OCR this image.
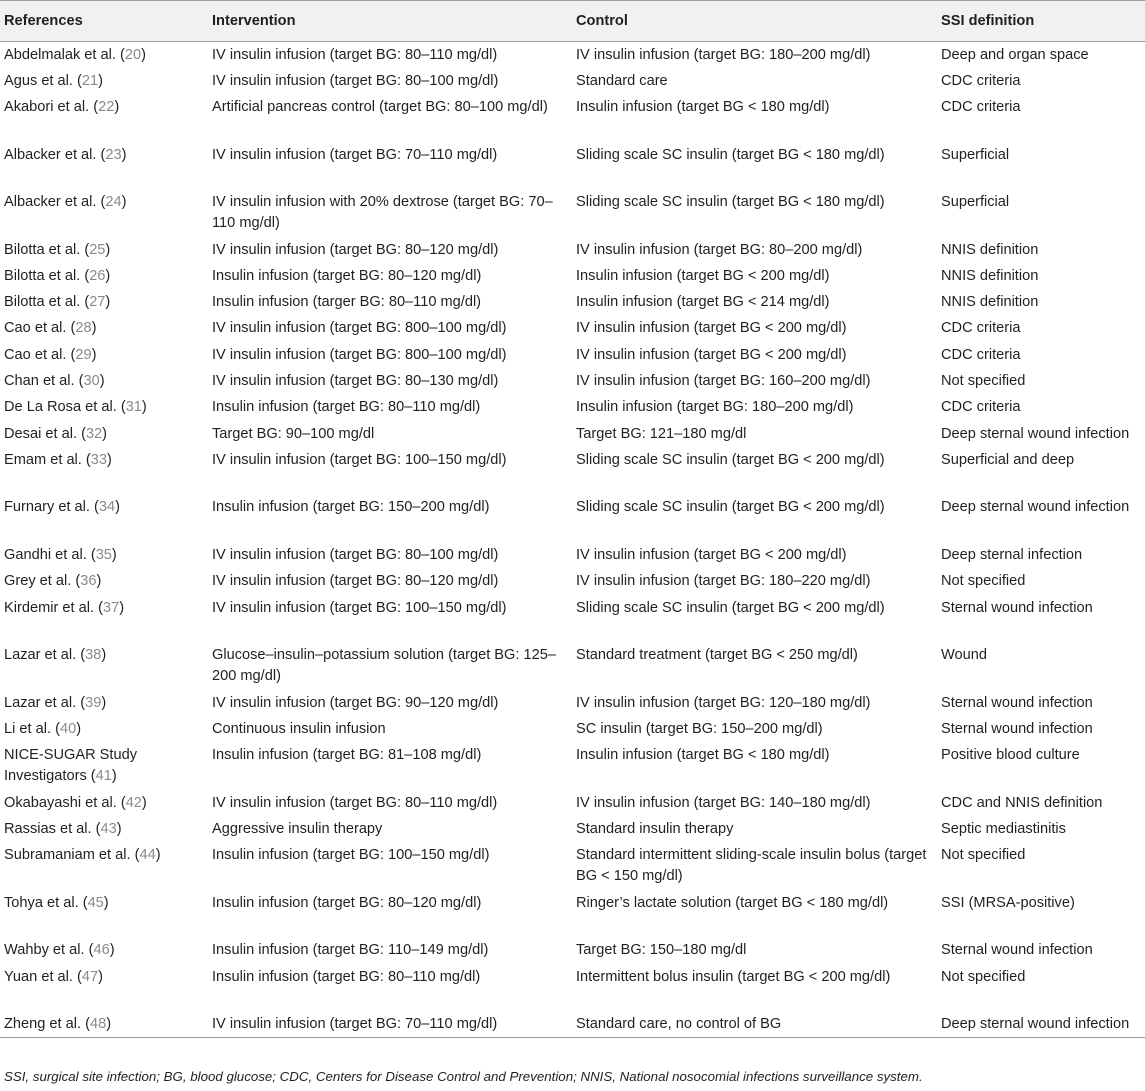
References	Intervention	Control	SSI definition
Abdelmalak et al. (20)	IV insulin infusion (target BG: 80–110 mg/dl)	IV insulin infusion (target BG: 180–200 mg/dl)	Deep and organ space
Agus et al. (21)	IV insulin infusion (target BG: 80–100 mg/dl)	Standard care	CDC criteria
Akabori et al. (22)	Artificial pancreas control (target BG: 80–100 mg/dl)	Insulin infusion (target BG < 180 mg/dl)	CDC criteria
Albacker et al. (23)	IV insulin infusion (target BG: 70–110 mg/dl)	Sliding scale SC insulin (target BG < 180 mg/dl)	Superficial
Albacker et al. (24)	IV insulin infusion with 20% dextrose (target BG: 70–110 mg/dl)	Sliding scale SC insulin (target BG < 180 mg/dl)	Superficial
Bilotta et al. (25)	IV insulin infusion (target BG: 80–120 mg/dl)	IV insulin infusion (target BG: 80–200 mg/dl)	NNIS definition
Bilotta et al. (26)	Insulin infusion (target BG: 80–120 mg/dl)	Insulin infusion (target BG < 200 mg/dl)	NNIS definition
Bilotta et al. (27)	Insulin infusion (targer BG: 80–110 mg/dl)	Insulin infusion (target BG < 214 mg/dl)	NNIS definition
Cao et al. (28)	IV insulin infusion (target BG: 800–100 mg/dl)	IV insulin infusion (target BG < 200 mg/dl)	CDC criteria
Cao et al. (29)	IV insulin infusion (target BG: 800–100 mg/dl)	IV insulin infusion (target BG < 200 mg/dl)	CDC criteria
Chan et al. (30)	IV insulin infusion (target BG: 80–130 mg/dl)	IV insulin infusion (target BG: 160–200 mg/dl)	Not specified
De La Rosa et al. (31)	Insulin infusion (target BG: 80–110 mg/dl)	Insulin infusion (target BG: 180–200 mg/dl)	CDC criteria
Desai et al. (32)	Target BG: 90–100 mg/dl	Target BG: 121–180 mg/dl	Deep sternal wound infection
Emam et al. (33)	IV insulin infusion (target BG: 100–150 mg/dl)	Sliding scale SC insulin (target BG < 200 mg/dl)	Superficial and deep
Furnary et al. (34)	Insulin infusion (target BG: 150–200 mg/dl)	Sliding scale SC insulin (target BG < 200 mg/dl)	Deep sternal wound infection
Gandhi et al. (35)	IV insulin infusion (target BG: 80–100 mg/dl)	IV insulin infusion (target BG < 200 mg/dl)	Deep sternal infection
Grey et al. (36)	IV insulin infusion (target BG: 80–120 mg/dl)	IV insulin infusion (target BG: 180–220 mg/dl)	Not specified
Kirdemir et al. (37)	IV insulin infusion (target BG: 100–150 mg/dl)	Sliding scale SC insulin (target BG < 200 mg/dl)	Sternal wound infection
Lazar et al. (38)	Glucose–insulin–potassium solution (target BG: 125–200 mg/dl)	Standard treatment (target BG < 250 mg/dl)	Wound
Lazar et al. (39)	IV insulin infusion (target BG: 90–120 mg/dl)	IV insulin infusion (target BG: 120–180 mg/dl)	Sternal wound infection
Li et al. (40)	Continuous insulin infusion	SC insulin (target BG: 150–200 mg/dl)	Sternal wound infection
NICE-SUGAR Study Investigators (41)	Insulin infusion (target BG: 81–108 mg/dl)	Insulin infusion (target BG < 180 mg/dl)	Positive blood culture
Okabayashi et al. (42)	IV insulin infusion (target BG: 80–110 mg/dl)	IV insulin infusion (target BG: 140–180 mg/dl)	CDC and NNIS definition
Rassias et al. (43)	Aggressive insulin therapy	Standard insulin therapy	Septic mediastinitis
Subramaniam et al. (44)	Insulin infusion (target BG: 100–150 mg/dl)	Standard intermittent sliding-scale insulin bolus (target BG < 150 mg/dl)	Not specified
Tohya et al. (45)	Insulin infusion (target BG: 80–120 mg/dl)	Ringer’s lactate solution (target BG < 180 mg/dl)	SSI (MRSA-positive)
Wahby et al. (46)	Insulin infusion (target BG: 110–149 mg/dl)	Target BG: 150–180 mg/dl	Sternal wound infection
Yuan et al. (47)	Insulin infusion (target BG: 80–110 mg/dl)	Intermittent bolus insulin (target BG < 200 mg/dl)	Not specified
Zheng et al. (48)	IV insulin infusion (target BG: 70–110 mg/dl)	Standard care, no control of BG	Deep sternal wound infection
SSI, surgical site infection; BG, blood glucose; CDC, Centers for Disease Control and Prevention; NNIS, National nosocomial infections surveillance system.
